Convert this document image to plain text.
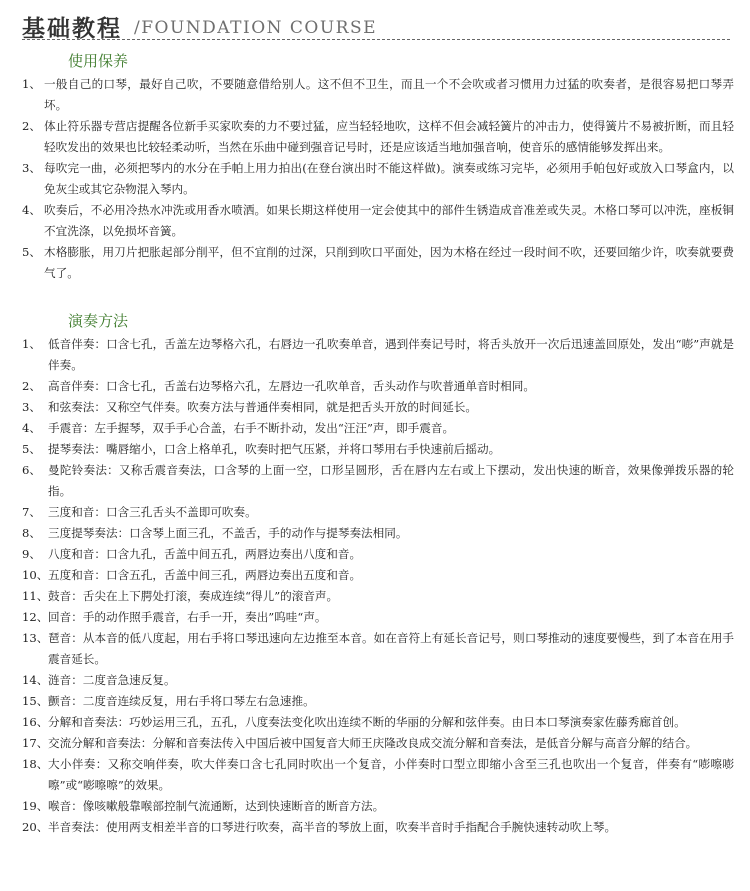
基础教程 /FOUNDATION COURSE
使用保养
1、 一般自己的口琴，最好自己吹，不要随意借给别人。这不但不卫生，而且一个不会吹或者习惯用力过猛的吹奏者，是很容易把口琴弄坏。
2、 体止符乐器专营店提醒各位新手买家吹奏的力不要过猛，应当轻轻地吹，这样不但会减轻簧片的冲击力，使得簧片不易被折断，而且轻轻吹发出的效果也比较轻柔动听，当然在乐曲中碰到强音记号时，还是应该适当地加强音响，使音乐的感情能够发挥出来。
3、 每吹完一曲，必须把琴内的水分在手帕上用力拍出(在登台演出时不能这样做)。演奏或练习完毕，必须用手帕包好或放入口琴盒内，以免灰尘或其它杂物混入琴内。
4、 吹奏后，不必用冷热水冲洗或用香水喷洒。如果长期这样使用一定会使其中的部件生锈造成音准差或失灵。木格口琴可以冲洗，座板铜不宜洗涤，以免损坏音簧。
5、 木格膨胀，用刀片把胀起部分削平，但不宜削的过深，只削到吹口平面处，因为木格在经过一段时间不吹，还要回缩少许，吹奏就要费气了。
演奏方法
1、 低音伴奏：口含七孔，舌盖左边琴格六孔，右唇边一孔吹奏单音，遇到伴奏记号时，将舌头放开一次后迅速盖回原处，发出“嘭”声就是伴奏。
2、 高音伴奏：口含七孔，舌盖右边琴格六孔，左唇边一孔吹单音，舌头动作与吹普通单音时相同。
3、 和弦奏法：又称空气伴奏。吹奏方法与普通伴奏相同，就是把舌头开放的时间延长。
4、 手震音：左手握琴，双手手心合盖，右手不断扑动，发出“汪汪”声，即手震音。
5、 提琴奏法：嘴唇缩小，口含上格单孔，吹奏时把气压紧，并将口琴用右手快速前后摇动。
6、 曼陀铃奏法：又称舌震音奏法，口含琴的上面一空，口形呈圆形，舌在唇内左右或上下摆动，发出快速的断音，效果像弹拨乐器的轮指。
7、 三度和音：口含三孔舌头不盖即可吹奏。
8、 三度提琴奏法：口含琴上面三孔，不盖舌，手的动作与提琴奏法相同。
9、 八度和音：口含九孔，舌盖中间五孔，两唇边奏出八度和音。
10、 五度和音：口含五孔，舌盖中间三孔，两唇边奏出五度和音。
11、 鼓音：舌尖在上下腭处打滚，奏成连续“得儿”的滚音声。
12、 回音：手的动作照手震音，右手一开，奏出”呜哇“声。
13、 琶音：从本音的低八度起，用右手将口琴迅速向左边推至本音。如在音符上有延长音记号，则口琴推动的速度要慢些，到了本音在用手震音延长。
14、 涟音：二度音急速反复。
15、 颤音：二度音连续反复，用右手将口琴左右急速推。
16、 分解和音奏法：巧妙运用三孔，五孔，八度奏法变化吹出连续不断的华丽的分解和弦伴奏。由日本口琴演奏家佐藤秀廊首创。
17、 交流分解和音奏法：分解和音奏法传入中国后被中国复音大师王庆隆改良成交流分解和音奏法，是低音分解与高音分解的结合。
18、 大小伴奏：又称交响伴奏，吹大伴奏口含七孔同时吹出一个复音，小伴奏时口型立即缩小含至三孔也吹出一个复音，伴奏有“嘭嚓嘭嚓”或“嘭嚓嚓”的效果。
19、 喉音：像咳嗽般靠喉部控制气流通断，达到快速断音的断音方法。
20、 半音奏法：使用两支相差半音的口琴进行吹奏，高半音的琴放上面，吹奏半音时手指配合手腕快速转动吹上琴。
